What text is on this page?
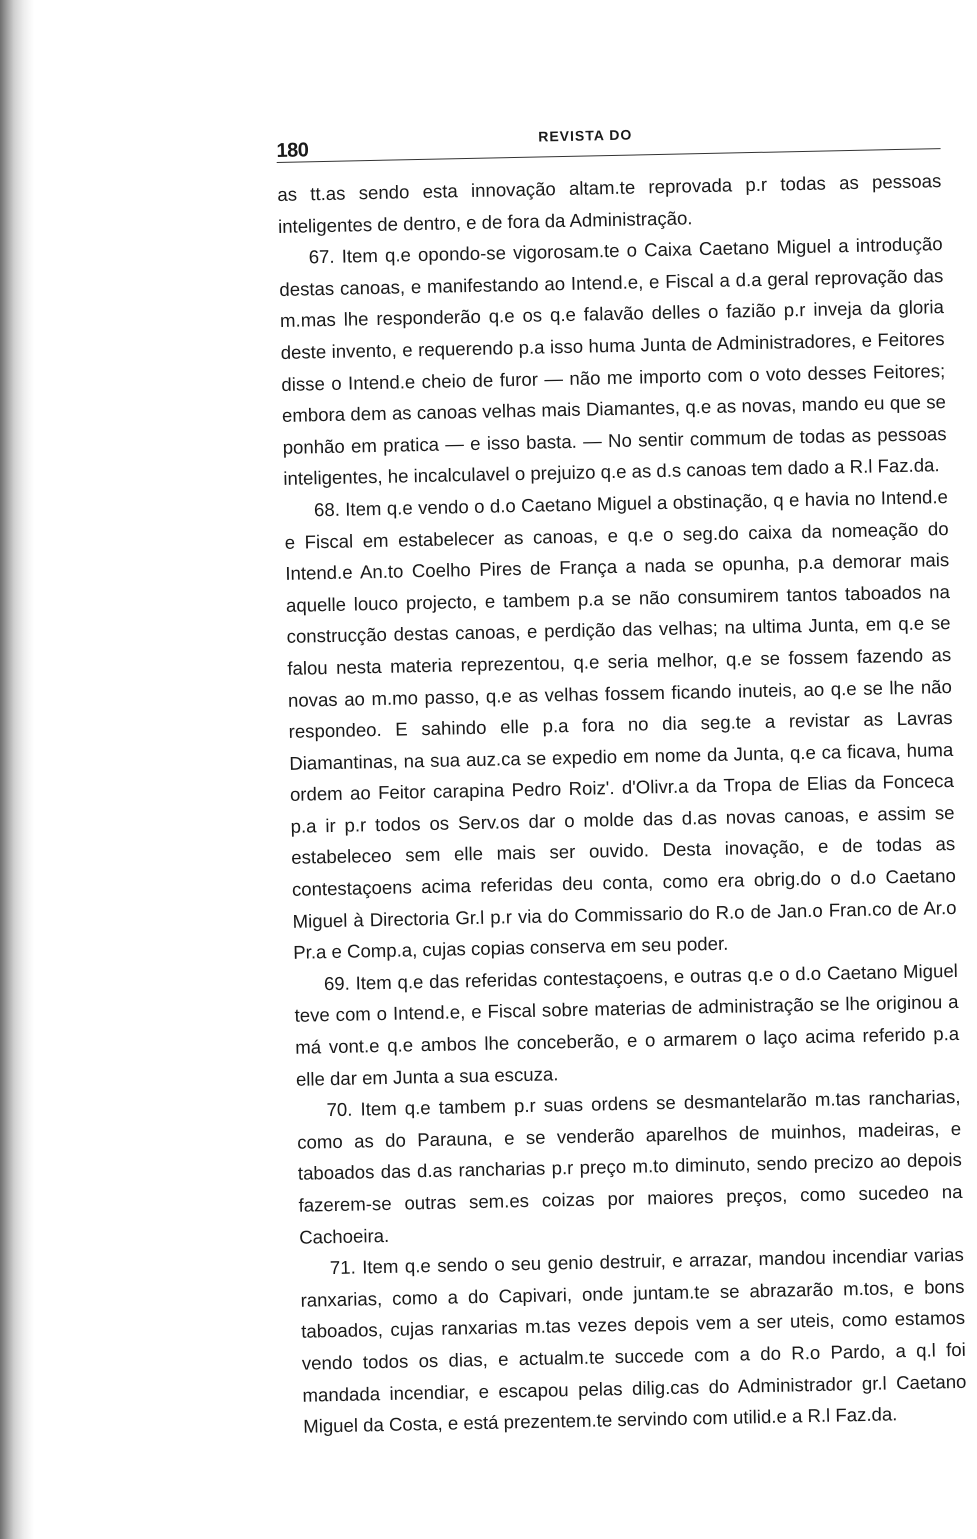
180
REVISTA DO

as tt.as sendo esta innovação altam.te reprovada p.r todas as pessoas inteligentes de dentro, e de fora da Administração.

67. Item q.e opondo-se vigorosam.te o Caixa Caetano Miguel a introdução destas canoas, e manifestando ao Intend.e, e Fiscal a d.a geral reprovação das m.mas lhe responderão q.e os q.e falavão delles o fazião p.r inveja da gloria deste invento, e requerendo p.a isso huma Junta de Administradores, e Feitores disse o Intend.e cheio de furor — não me importo com o voto desses Feitores; embora dem as canoas velhas mais Diamantes, q.e as novas, mando eu que se ponhão em pratica — e isso basta. — No sentir commum de todas as pessoas inteligentes, he incalculavel o prejuizo q.e as d.s canoas tem dado a R.l Faz.da.

68. Item q.e vendo o d.o Caetano Miguel a obstinação, q e havia no Intend.e e Fiscal em estabelecer as canoas, e q.e o seg.do caixa da nomeação do Intend.e An.to Coelho Pires de França a nada se opunha, p.a demorar mais aquelle louco projecto, e tambem p.a se não consumirem tantos taboados na construcção destas canoas, e perdição das velhas; na ultima Junta, em q.e se falou nesta materia reprezentou, q.e seria melhor, q.e se fossem fazendo as novas ao m.mo passo, q.e as velhas fossem ficando inuteis, ao q.e se lhe não respondeo. E sahindo elle p.a fora no dia seg.te a revistar as Lavras Diamantinas, na sua auz.ca se expedio em nome da Junta, q.e ca ficava, huma ordem ao Feitor carapina Pedro Roiz'. d'Olivr.a da Tropa de Elias da Fonceca p.a ir p.r todos os Serv.os dar o molde das d.as novas canoas, e assim se estabeleceo sem elle mais ser ouvido. Desta inovação, e de todas as contestaçoens acima referidas deu conta, como era obrig.do o d.o Caetano Miguel à Directoria Gr.l p.r via do Commissario do R.o de Jan.o Fran.co de Ar.o Pr.a e Comp.a, cujas copias conserva em seu poder.

69. Item q.e das referidas contestaçoens, e outras q.e o d.o Caetano Miguel teve com o Intend.e, e Fiscal sobre materias de administração se lhe originou a má vont.e q.e ambos lhe conceberão, e o armarem o laço acima referido p.a elle dar em Junta a sua escuza.

70. Item q.e tambem p.r suas ordens se desmantelarão m.tas rancharias, como as do Parauna, e se venderão aparelhos de muinhos, madeiras, e taboados das d.as rancharias p.r preço m.to diminuto, sendo precizo ao depois fazerem-se outras sem.es coizas por maiores preços, como sucedeo na Cachoeira.

71. Item q.e sendo o seu genio destruir, e arrazar, mandou incendiar varias ranxarias, como a do Capivari, onde juntam.te se abrazarão m.tos, e bons taboados, cujas ranxarias m.tas vezes depois vem a ser uteis, como estamos vendo todos os dias, e actualm.te succede com a do R.o Pardo, a q.l foi mandada incendiar, e escapou pelas dilig.cas do Administrador gr.l Caetano Miguel da Costa, e está prezentem.te servindo com utilid.e a R.l Faz.da.
